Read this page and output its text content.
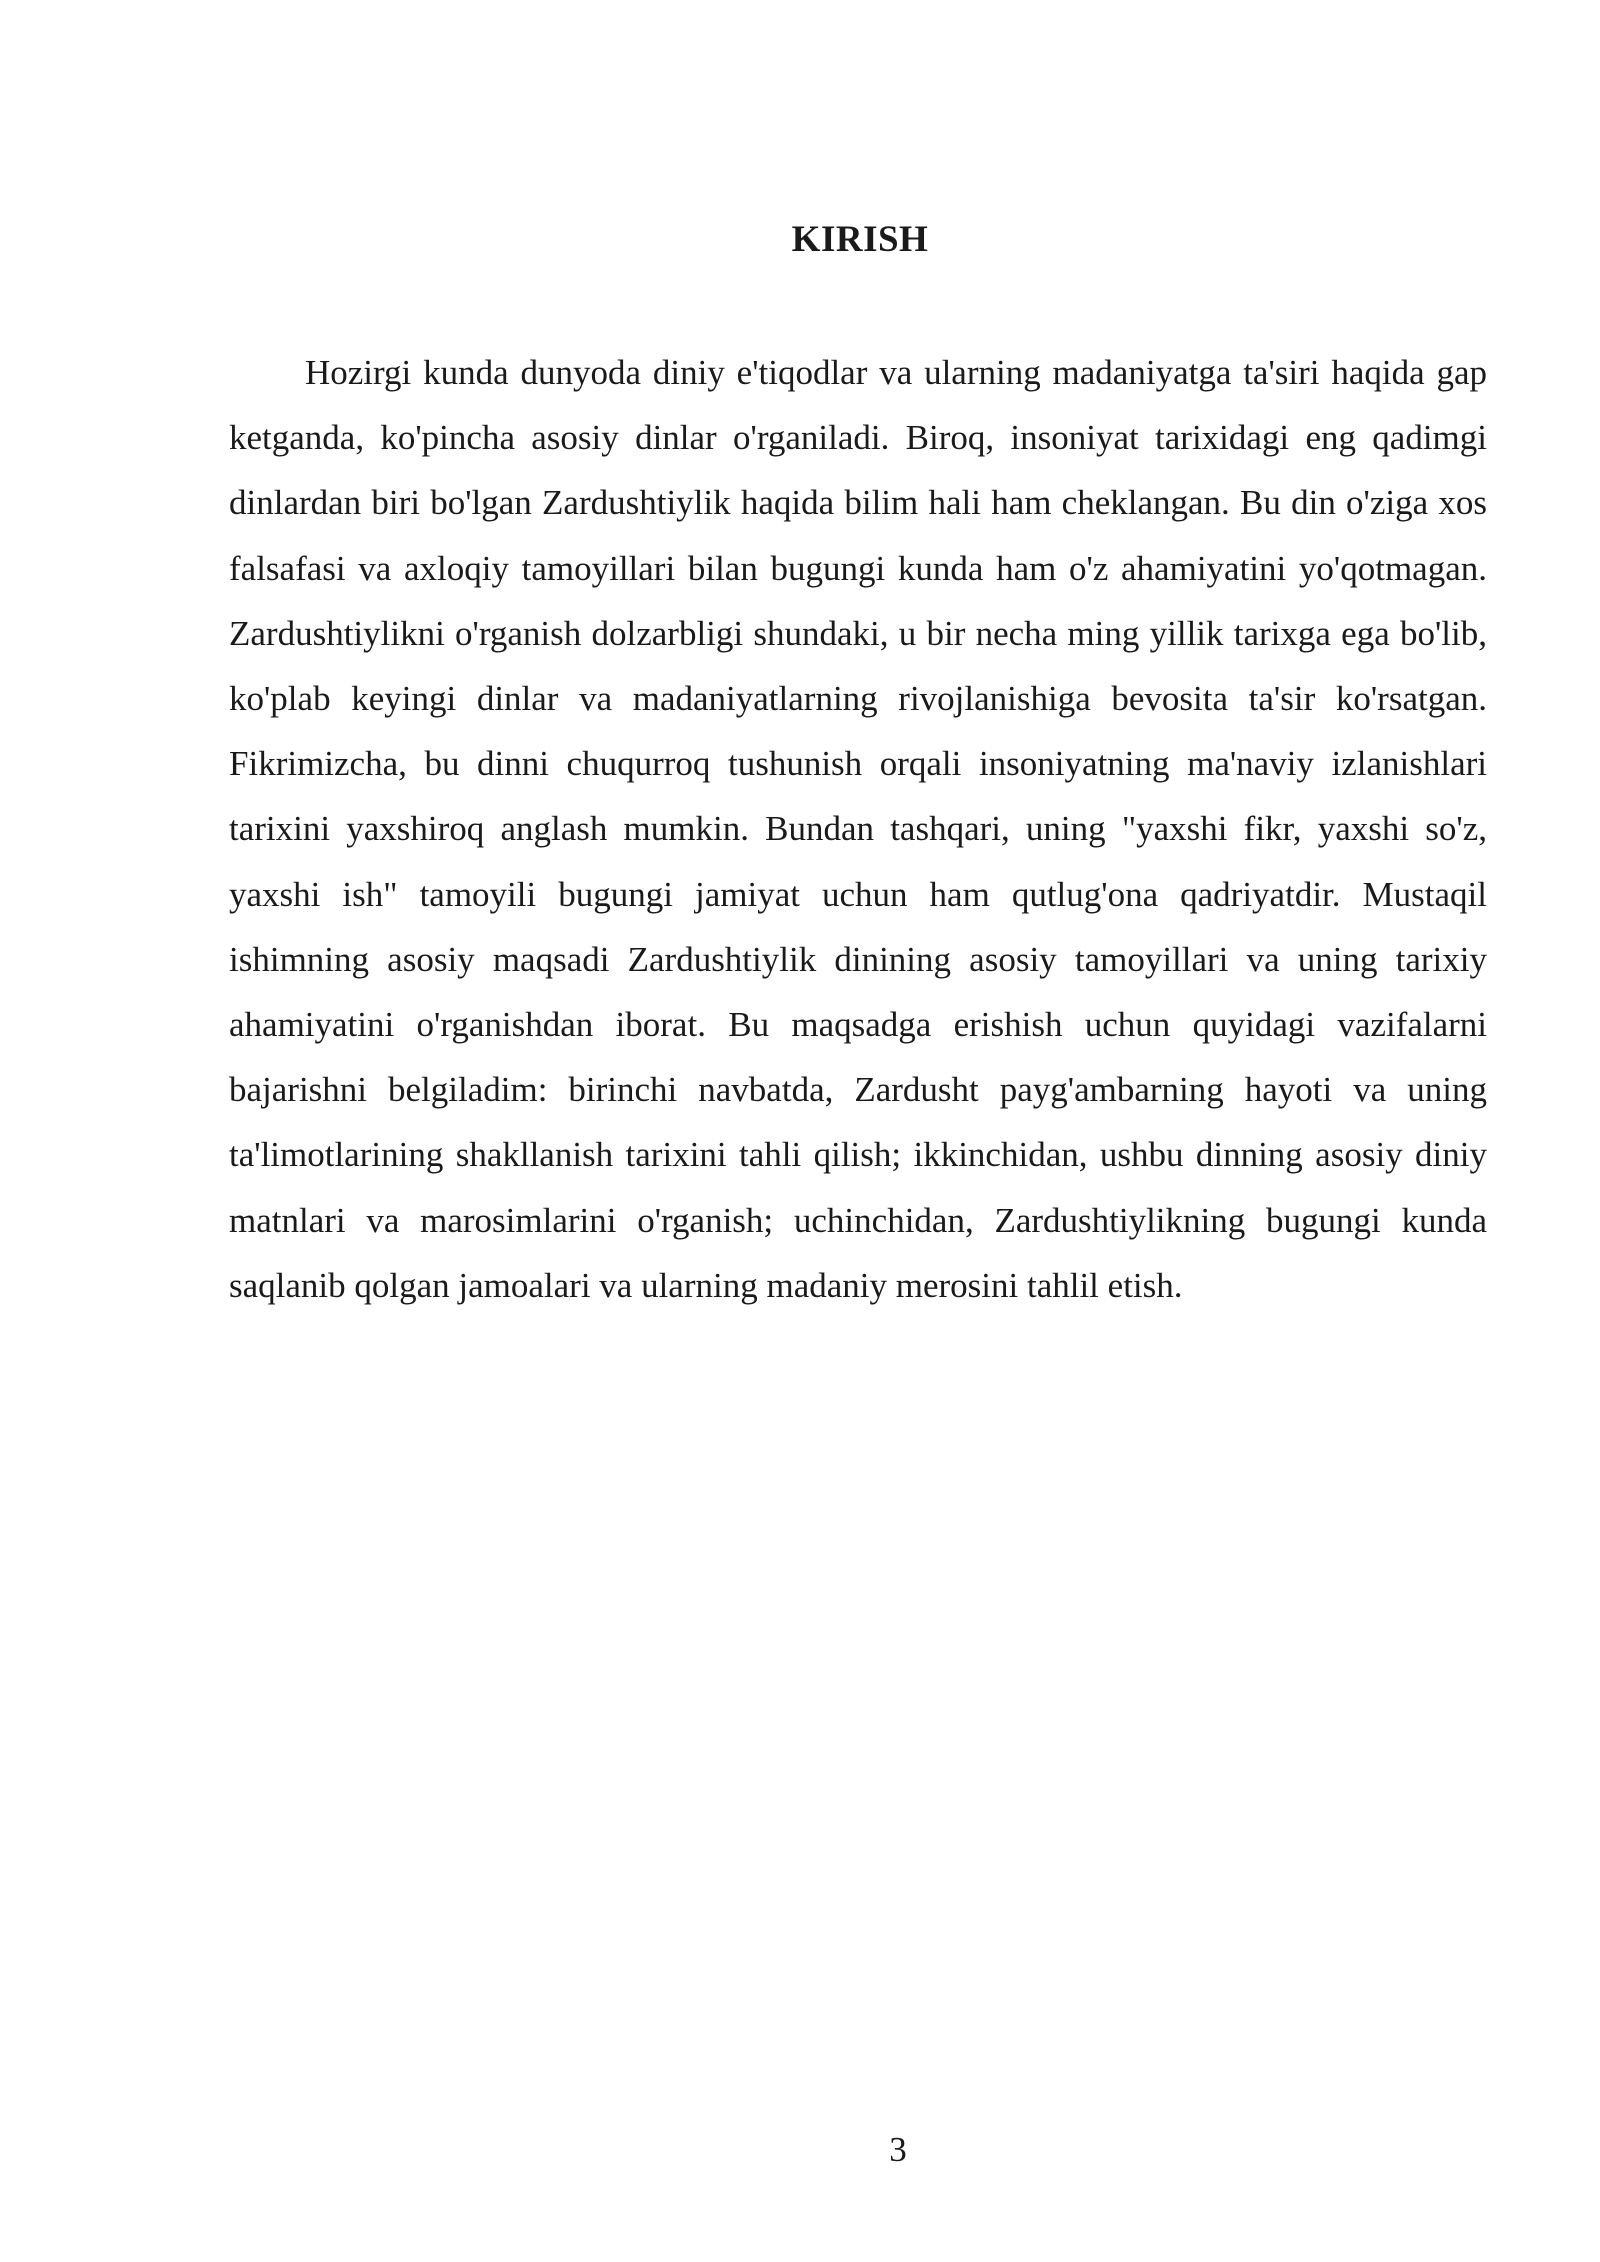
KIRISH

Hozirgi kunda dunyoda diniy e'tiqodlar va ularning madaniyatga ta'siri haqida gap ketganda, ko'pincha asosiy dinlar o'rganiladi. Biroq, insoniyat tarixidagi eng qadimgi dinlardan biri bo'lgan Zardushtiylik haqida bilim hali ham cheklangan. Bu din o'ziga xos falsafasi va axloqiy tamoyillari bilan bugungi kunda ham o'z ahamiyatini yo'qotmagan. Zardushtiylikni o'rganish dolzarbligi shundaki, u bir necha ming yillik tarixga ega bo'lib, ko'plab keyingi dinlar va madaniyatlarning rivojlanishiga bevosita ta'sir ko'rsatgan. Fikrimizcha, bu dinni chuqurroq tushunish orqali insoniyatning ma'naviy izlanishlari tarixini yaxshiroq anglash mumkin. Bundan tashqari, uning "yaxshi fikr, yaxshi so'z, yaxshi ish" tamoyili bugungi jamiyat uchun ham qutlug'ona qadriyatdir. Mustaqil ishimning asosiy maqsadi Zardushtiylik dinining asosiy tamoyillari va uning tarixiy ahamiyatini o'rganishdan iborat. Bu maqsadga erishish uchun quyidagi vazifalarni bajarishni belgiladim: birinchi navbatda, Zardusht payg'ambarning hayoti va uning ta'limotlarining shakllanish tarixini tahli qilish; ikkinchidan, ushbu dinning asosiy diniy matnlari va marosimlarini o'rganish; uchinchidan, Zardushtiylikning bugungi kunda saqlanib qolgan jamoalari va ularning madaniy merosini tahlil etish.

3
